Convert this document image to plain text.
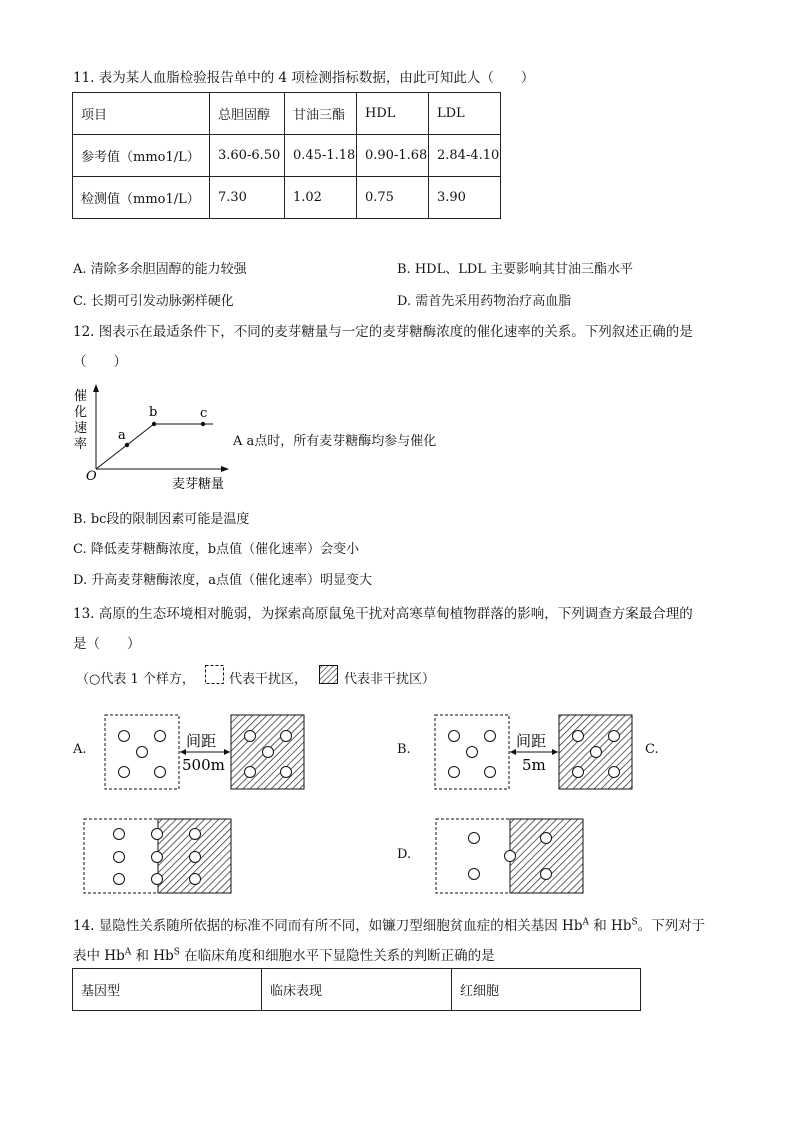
11. 表为某人血脂检验报告单中的 4 项检测指标数据，由此可知此人（　　）
项目	总胆固醇	甘油三酯	HDL	LDL
参考值（mmo1/L）	3.60-6.50	0.45-1.18	0.90-1.68	2.84-4.10
检测值（mmo1/L）	7.30	1.02	0.75	3.90
A. 清除多余胆固醇的能力较强	B. HDL、LDL 主要影响其甘油三酯水平
C. 长期可引发动脉粥样硬化	D. 需首先采用药物治疗高血脂
12. 图表示在最适条件下，不同的麦芽糖量与一定的麦芽糖酶浓度的催化速率的关系。下列叙述正确的是
（　　）
催
化
速
率
O
a
b	c
麦芽糖量
A a点时，所有麦芽糖酶均参与催化
B. bc段的限制因素可能是温度
C. 降低麦芽糖酶浓度，b点值（催化速率）会变小
D. 升高麦芽糖酶浓度，a点值（催化速率）明显变大
13. 高原的生态环境相对脆弱，为探索高原鼠兔干扰对高寒草甸植物群落的影响，下列调查方案最合理的
是（　　）
（○代表 1 个样方，	代表干扰区，	代表非干扰区）
A.	间距
500m
B.	间距
5m
C.
D.
14. 显隐性关系随所依据的标准不同而有所不同，如镰刀型细胞贫血症的相关基因 $Hb^A$ 和 $Hb^S$。下列对于
表中 $Hb^A$ 和 $Hb^S$ 在临床角度和细胞水平下显隐性关系的判断正确的是
基因型	临床表现	红细胞
